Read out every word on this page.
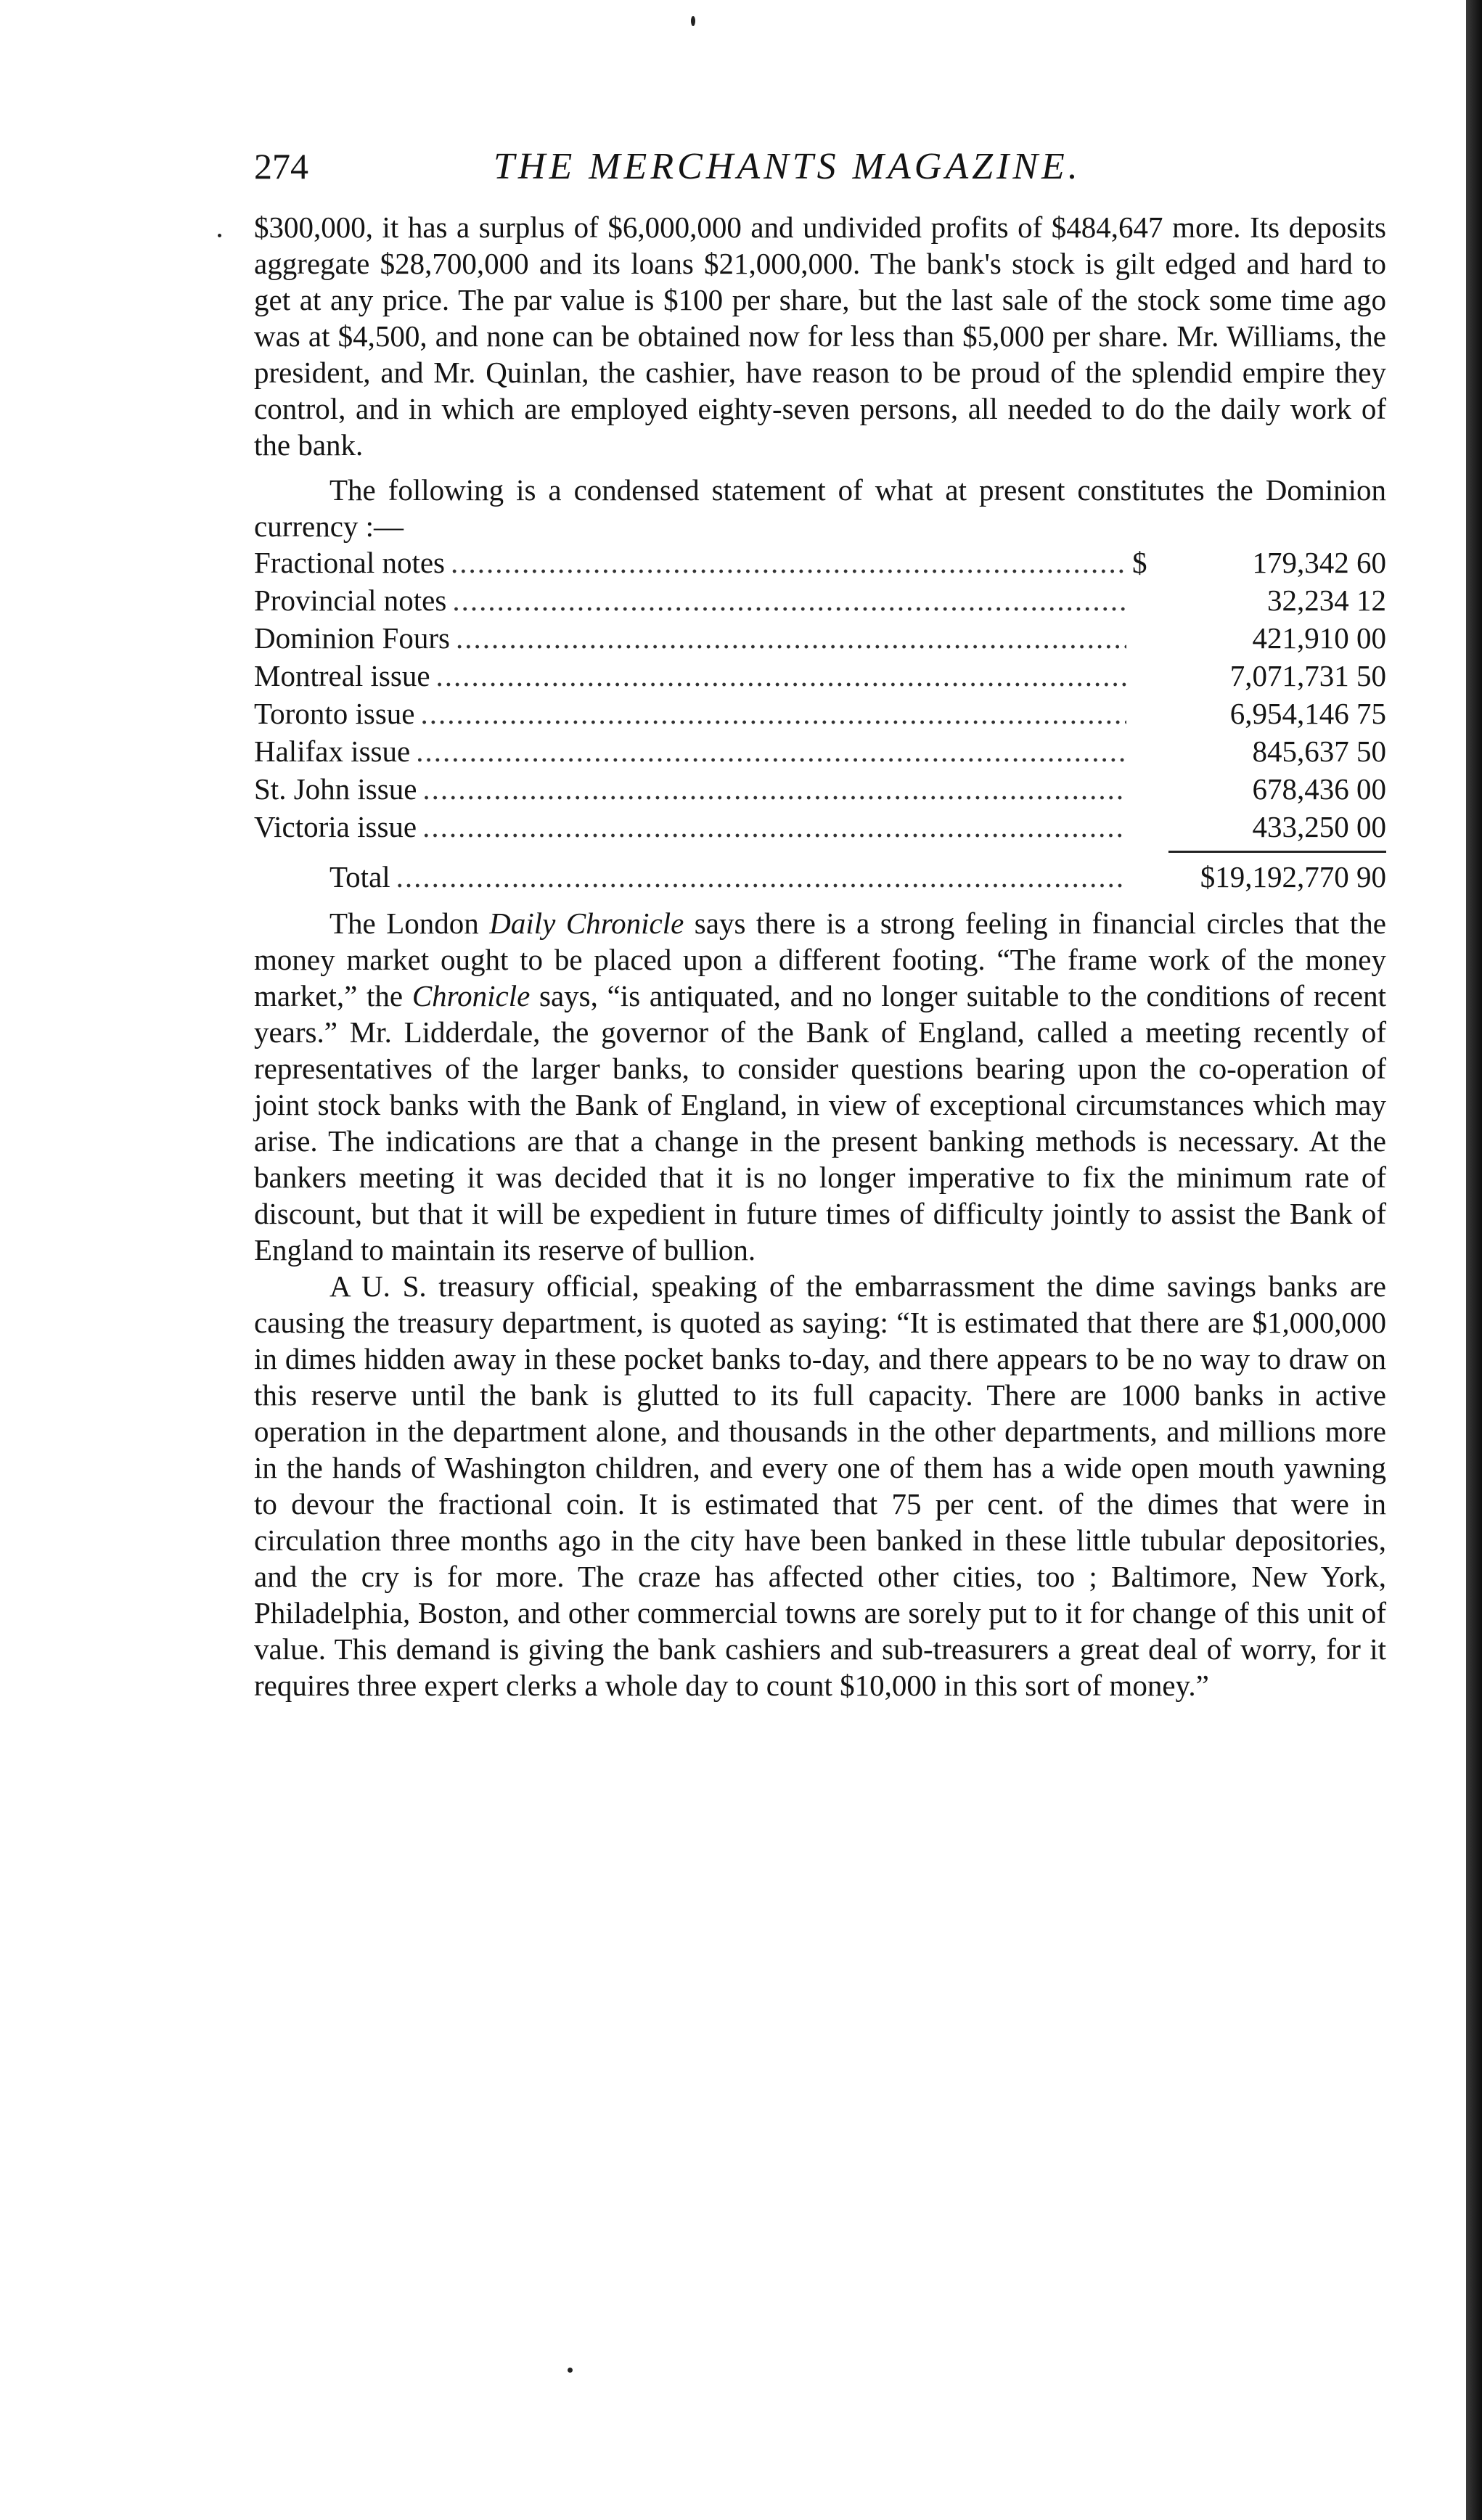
274	THE MERCHANTS MAGAZINE.

$300,000, it has a surplus of $6,000,000 and undivided profits of $484,647 more. Its deposits aggregate $28,700,000 and its loans $21,000,000. The bank's stock is gilt edged and hard to get at any price. The par value is $100 per share, but the last sale of the stock some time ago was at $4,500, and none can be obtained now for less than $5,000 per share. Mr. Williams, the president, and Mr. Quinlan, the cashier, have reason to be proud of the splendid empire they control, and in which are employed eighty-seven persons, all needed to do the daily work of the bank.

The following is a condensed statement of what at present constitutes the Dominion currency :—

Fractional notes .....	$	179,342 60
Provincial notes .....	32,234 12
Dominion Fours .....	421,910 00
Montreal issue .....	7,071,731 50
Toronto issue .....	6,954,146 75
Halifax issue .....	845,637 50
St. John issue .....	678,436 00
Victoria issue .....	433,250 00
Total .....	$19,192,770 90

The London Daily Chronicle says there is a strong feeling in financial circles that the money market ought to be placed upon a different footing. “The frame work of the money market,” the Chronicle says, “is antiquated, and no longer suitable to the conditions of recent years.” Mr. Lidderdale, the governor of the Bank of England, called a meeting recently of representatives of the larger banks, to consider questions bearing upon the co-operation of joint stock banks with the Bank of England, in view of exceptional circumstances which may arise. The indications are that a change in the present banking methods is necessary. At the bankers meeting it was decided that it is no longer imperative to fix the minimum rate of discount, but that it will be expedient in future times of difficulty jointly to assist the Bank of England to maintain its reserve of bullion.

A U. S. treasury official, speaking of the embarrassment the dime savings banks are causing the treasury department, is quoted as saying: “It is estimated that there are $1,000,000 in dimes hidden away in these pocket banks to-day, and there appears to be no way to draw on this reserve until the bank is glutted to its full capacity. There are 1000 banks in active operation in the department alone, and thousands in the other departments, and millions more in the hands of Washington children, and every one of them has a wide open mouth yawning to devour the fractional coin. It is estimated that 75 per cent. of the dimes that were in circulation three months ago in the city have been banked in these little tubular depositories, and the cry is for more. The craze has affected other cities, too ; Baltimore, New York, Philadelphia, Boston, and other commercial towns are sorely put to it for change of this unit of value. This demand is giving the bank cashiers and sub-treasurers a great deal of worry, for it requires three expert clerks a whole day to count $10,000 in this sort of money.”
